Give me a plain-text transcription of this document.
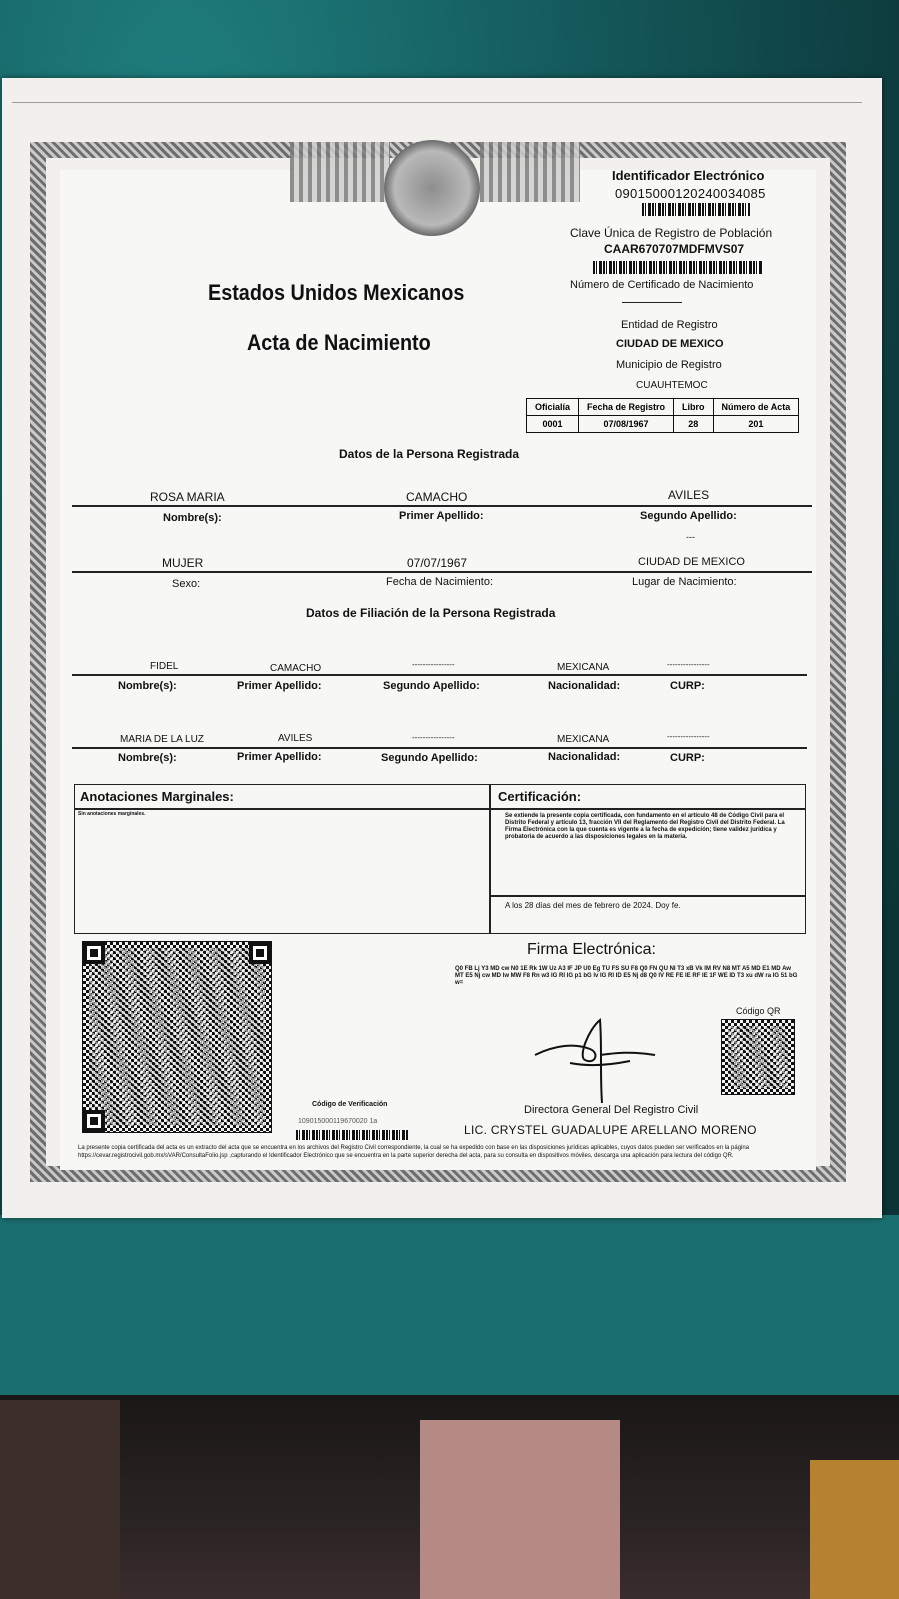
Identificador Electrónico
09015000120240034085
Clave Única de Registro de Población
CAAR670707MDFMVS07
Número de Certificado de Nacimiento
Estados Unidos Mexicanos
Acta de Nacimiento
Entidad de Registro
CIUDAD DE MEXICO
Municipio de Registro
CUAUHTEMOC
Oficialía	Fecha de Registro	Libro	Número de Acta
0001	07/08/1967	28	201
Datos de la Persona Registrada
ROSA MARIA	CAMACHO	AVILES
Nombre(s):	Primer Apellido:	Segundo Apellido:
---
MUJER	07/07/1967	CIUDAD DE MEXICO
Sexo:	Fecha de Nacimiento:	Lugar de Nacimiento:
Datos de Filiación de la Persona Registrada
FIDEL	CAMACHO	----------------	MEXICANA	----------------
Nombre(s):	Primer Apellido:	Segundo Apellido:	Nacionalidad:	CURP:
MARIA DE LA LUZ	AVILES	----------------	MEXICANA	----------------
Nombre(s):	Primer Apellido:	Segundo Apellido:	Nacionalidad:	CURP:
Anotaciones Marginales:
Sin anotaciones marginales.
Certificación:
Se extiende la presente copia certificada, con fundamento en el artículo 48 de Código Civil para el Distrito Federal y artículo 13, fracción VII del Reglamento del Registro Civil del Distrito Federal. La Firma Electrónica con la que cuenta es vigente a la fecha de expedición; tiene validez jurídica y probatoria de acuerdo a las disposiciones legales en la materia.
A los 28 días del mes de febrero de 2024. Doy fe.
Código de Verificación
109015000119670020 1a
Firma Electrónica:
Q0 FB Lj Y3 MD cw N0 1E Rk 1W Uz A3 IF JP U0 Eg TU FS SU F8 Q0 FN QU NI T3 xB Vk IM RV N8 MT A5 MD E1 MD Aw MT E5 Nj cw MD lw MW F8 Rn w3 IG RI IG p1 bG lv IG RI ID E5 Nj d8 Q0 lV RE FE IE RF IE 1F WE ID T3 xu dW ra IG 51 bG w=
Código QR
Directora General Del Registro Civil
LIC. CRYSTEL GUADALUPE ARELLANO MORENO
La presente copia certificada del acta es un extracto del acta que se encuentra en los archivos del Registro Civil correspondiente, la cual se ha expedido con base en las disposiciones jurídicas aplicables, cuyos datos pueden ser verificados en la página https://cevar.registrocivil.gob.mx/sVAR/ConsultaFolio.jsp ,capturando el Identificador Electrónico que se encuentra en la parte superior derecha del acta, para su consulta en dispositivos móviles, descarga una aplicación para lectura del código QR.
